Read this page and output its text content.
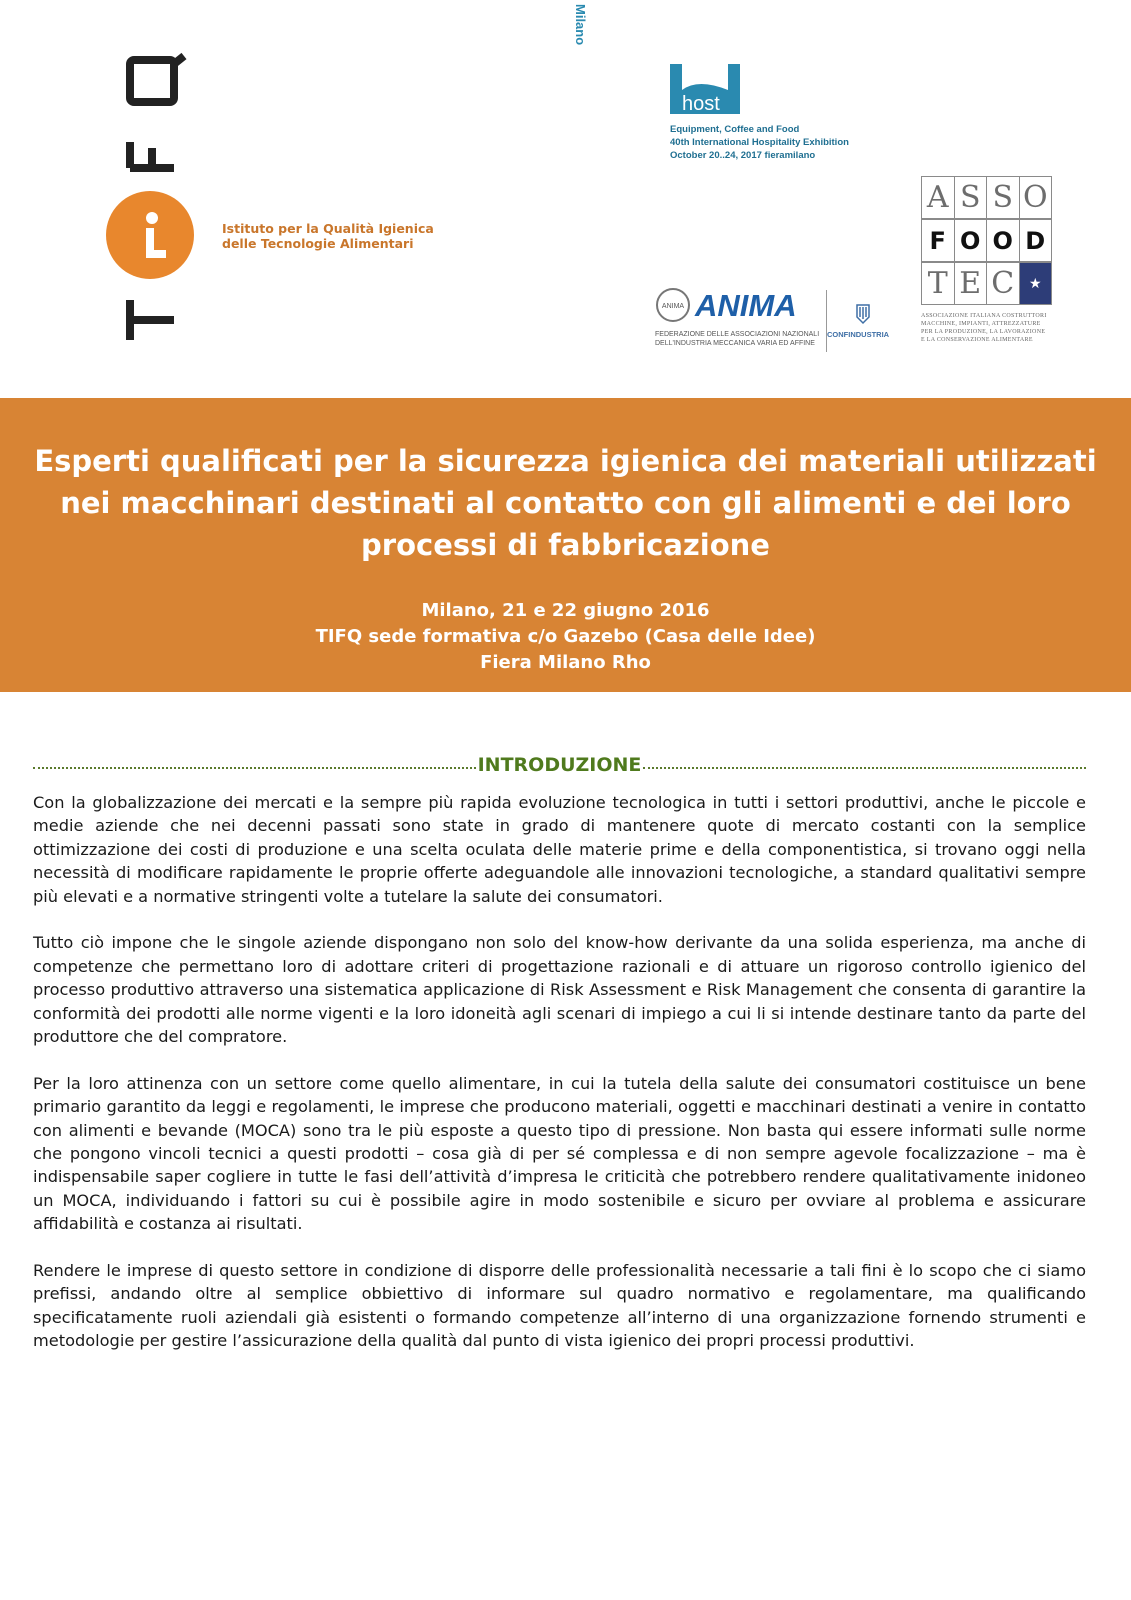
Istituto per la Qualità Igienica
delle Tecnologie Alimentari
host
Milano
Equipment, Coffee and Food
40th International Hospitality Exhibition
October 20..24, 2017 fieramilano
ANIMA ANIMA
FEDERAZIONE DELLE ASSOCIAZIONI NAZIONALI
DELL'INDUSTRIA MECCANICA VARIA ED AFFINE
CONFINDUSTRIA
A S S O
F O O D
T E C	★
ASSOCIAZIONE ITALIANA COSTRUTTORI
MACCHINE, IMPIANTI, ATTREZZATURE
PER LA PRODUZIONE, LA LAVORAZIONE
E LA CONSERVAZIONE ALIMENTARE
Esperti qualificati per la sicurezza igienica dei materiali utilizzati
nei macchinari destinati al contatto con gli alimenti e dei loro
processi di fabbricazione
Milano, 21 e 22 giugno 2016
TIFQ sede formativa c/o Gazebo (Casa delle Idee)
Fiera Milano Rho
INTRODUZIONE

Con la globalizzazione dei mercati e la sempre più rapida evoluzione tecnologica in tutti i settori produttivi, anche le piccole e medie aziende che nei decenni passati sono state in grado di mantenere quote di mercato costanti con la semplice ottimizzazione dei costi di produzione e una scelta oculata delle materie prime e della componentistica, si trovano oggi nella necessità di modificare rapidamente le proprie offerte adeguandole alle innovazioni tecnologiche, a standard qualitativi sempre più elevati e a normative stringenti volte a tutelare la salute dei consumatori.

Tutto ciò impone che le singole aziende dispongano non solo del know-how derivante da una solida esperienza, ma anche di competenze che permettano loro di adottare criteri di progettazione razionali e di attuare un rigoroso controllo igienico del processo produttivo attraverso una sistematica applicazione di Risk Assessment e Risk Management che consenta di garantire la conformità dei prodotti alle norme vigenti e la loro idoneità agli scenari di impiego a cui li si intende destinare tanto da parte del produttore che del compratore.

Per la loro attinenza con un settore come quello alimentare, in cui la tutela della salute dei consumatori costituisce un bene primario garantito da leggi e regolamenti, le imprese che producono materiali, oggetti e macchinari destinati a venire in contatto con alimenti e bevande (MOCA) sono tra le più esposte a questo tipo di pressione. Non basta qui essere informati sulle norme che pongono vincoli tecnici a questi prodotti – cosa già di per sé complessa e di non sempre agevole focalizzazione – ma è indispensabile saper cogliere in tutte le fasi dell’attività d’impresa le criticità che potrebbero rendere qualitativamente inidoneo un MOCA, individuando i fattori su cui è possibile agire in modo sostenibile e sicuro per ovviare al problema e assicurare affidabilità e costanza ai risultati.

Rendere le imprese di questo settore in condizione di disporre delle professionalità necessarie a tali fini è lo scopo che ci siamo prefissi, andando oltre al semplice obbiettivo di informare sul quadro normativo e regolamentare, ma qualificando specificatamente ruoli aziendali già esistenti o formando competenze all’interno di una organizzazione fornendo strumenti e metodologie per gestire l’assicurazione della qualità dal punto di vista igienico dei propri processi produttivi.
